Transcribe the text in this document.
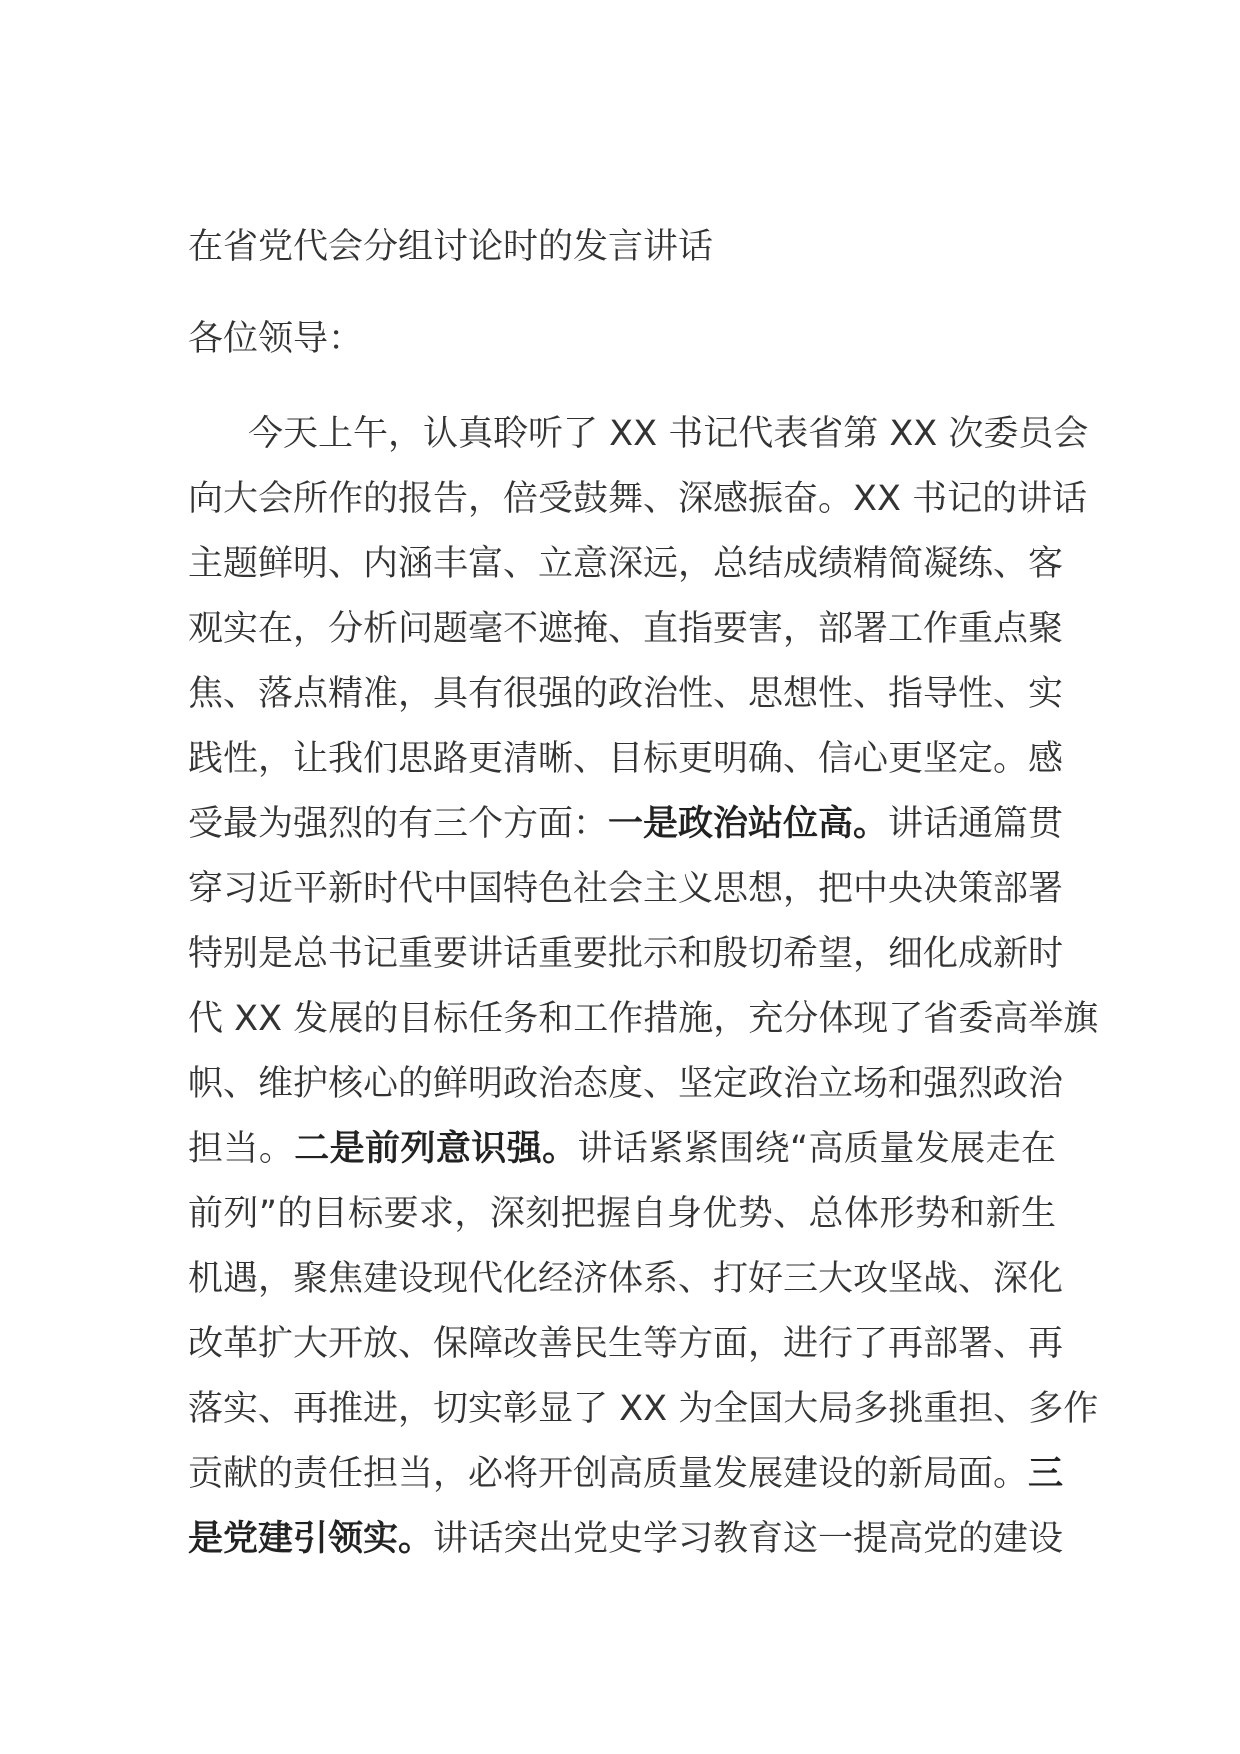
在省党代会分组讨论时的发言讲话

各位领导：

今天上午，认真聆听了 XX 书记代表省第 XX 次委员会
向大会所作的报告，倍受鼓舞、深感振奋。XX 书记的讲话
主题鲜明、内涵丰富、立意深远，总结成绩精简凝练、客
观实在，分析问题毫不遮掩、直指要害，部署工作重点聚
焦、落点精准，具有很强的政治性、思想性、指导性、实
践性，让我们思路更清晰、目标更明确、信心更坚定。感
受最为强烈的有三个方面：一是政治站位高。讲话通篇贯
穿习近平新时代中国特色社会主义思想，把中央决策部署
特别是总书记重要讲话重要批示和殷切希望，细化成新时
代 XX 发展的目标任务和工作措施，充分体现了省委高举旗
帜、维护核心的鲜明政治态度、坚定政治立场和强烈政治
担当。二是前列意识强。讲话紧紧围绕“高质量发展走在
前列”的目标要求，深刻把握自身优势、总体形势和新生
机遇，聚焦建设现代化经济体系、打好三大攻坚战、深化
改革扩大开放、保障改善民生等方面，进行了再部署、再
落实、再推进，切实彰显了 XX 为全国大局多挑重担、多作
贡献的责任担当，必将开创高质量发展建设的新局面。三
是党建引领实。讲话突出党史学习教育这一提高党的建设
